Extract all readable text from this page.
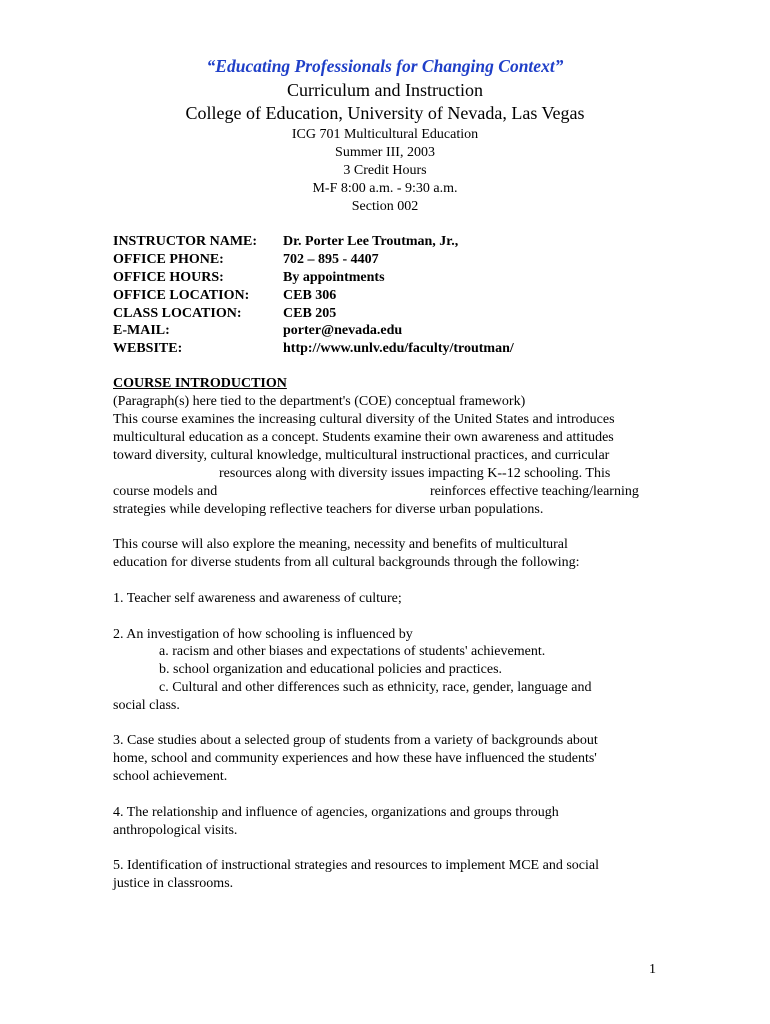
“Educating Professionals for Changing Context”
Curriculum and Instruction
College of Education, University of Nevada, Las Vegas
ICG 701 Multicultural Education
Summer III, 2003
3 Credit Hours
M-F 8:00 a.m. - 9:30 a.m.
Section 002
INSTRUCTOR NAME: Dr. Porter Lee Troutman, Jr.,
OFFICE PHONE:	702 – 895 - 4407
OFFICE HOURS:	By appointments
OFFICE LOCATION: CEB 306
CLASS LOCATION:	CEB 205
E-MAIL:	porter@nevada.edu
WEBSITE:	http://www.unlv.edu/faculty/troutman/
COURSE INTRODUCTION
(Paragraph(s) here tied to the department's (COE) conceptual framework)
This course examines the increasing cultural diversity of the United States and introduces
multicultural education as a concept. Students examine their own awareness and attitudes
toward diversity, cultural knowledge, multicultural instructional practices, and curricular
resources along with diversity issues impacting K--12 schooling. This
course models and	reinforces effective teaching/learning
strategies while developing reflective teachers for diverse urban populations.
This course will also explore the meaning, necessity and benefits of multicultural
education for diverse students from all cultural backgrounds through the following:
1. Teacher self awareness and awareness of culture;
2. An investigation of how schooling is influenced by
a. racism and other biases and expectations of students' achievement.
b. school organization and educational policies and practices.
c. Cultural and other differences such as ethnicity, race, gender, language and
social class.
3. Case studies about a selected group of students from a variety of backgrounds about
home, school and community experiences and how these have influenced the students'
school achievement.
4. The relationship and influence of agencies, organizations and groups through
anthropological visits.
5. Identification of instructional strategies and resources to implement MCE and social
justice in classrooms.
1
